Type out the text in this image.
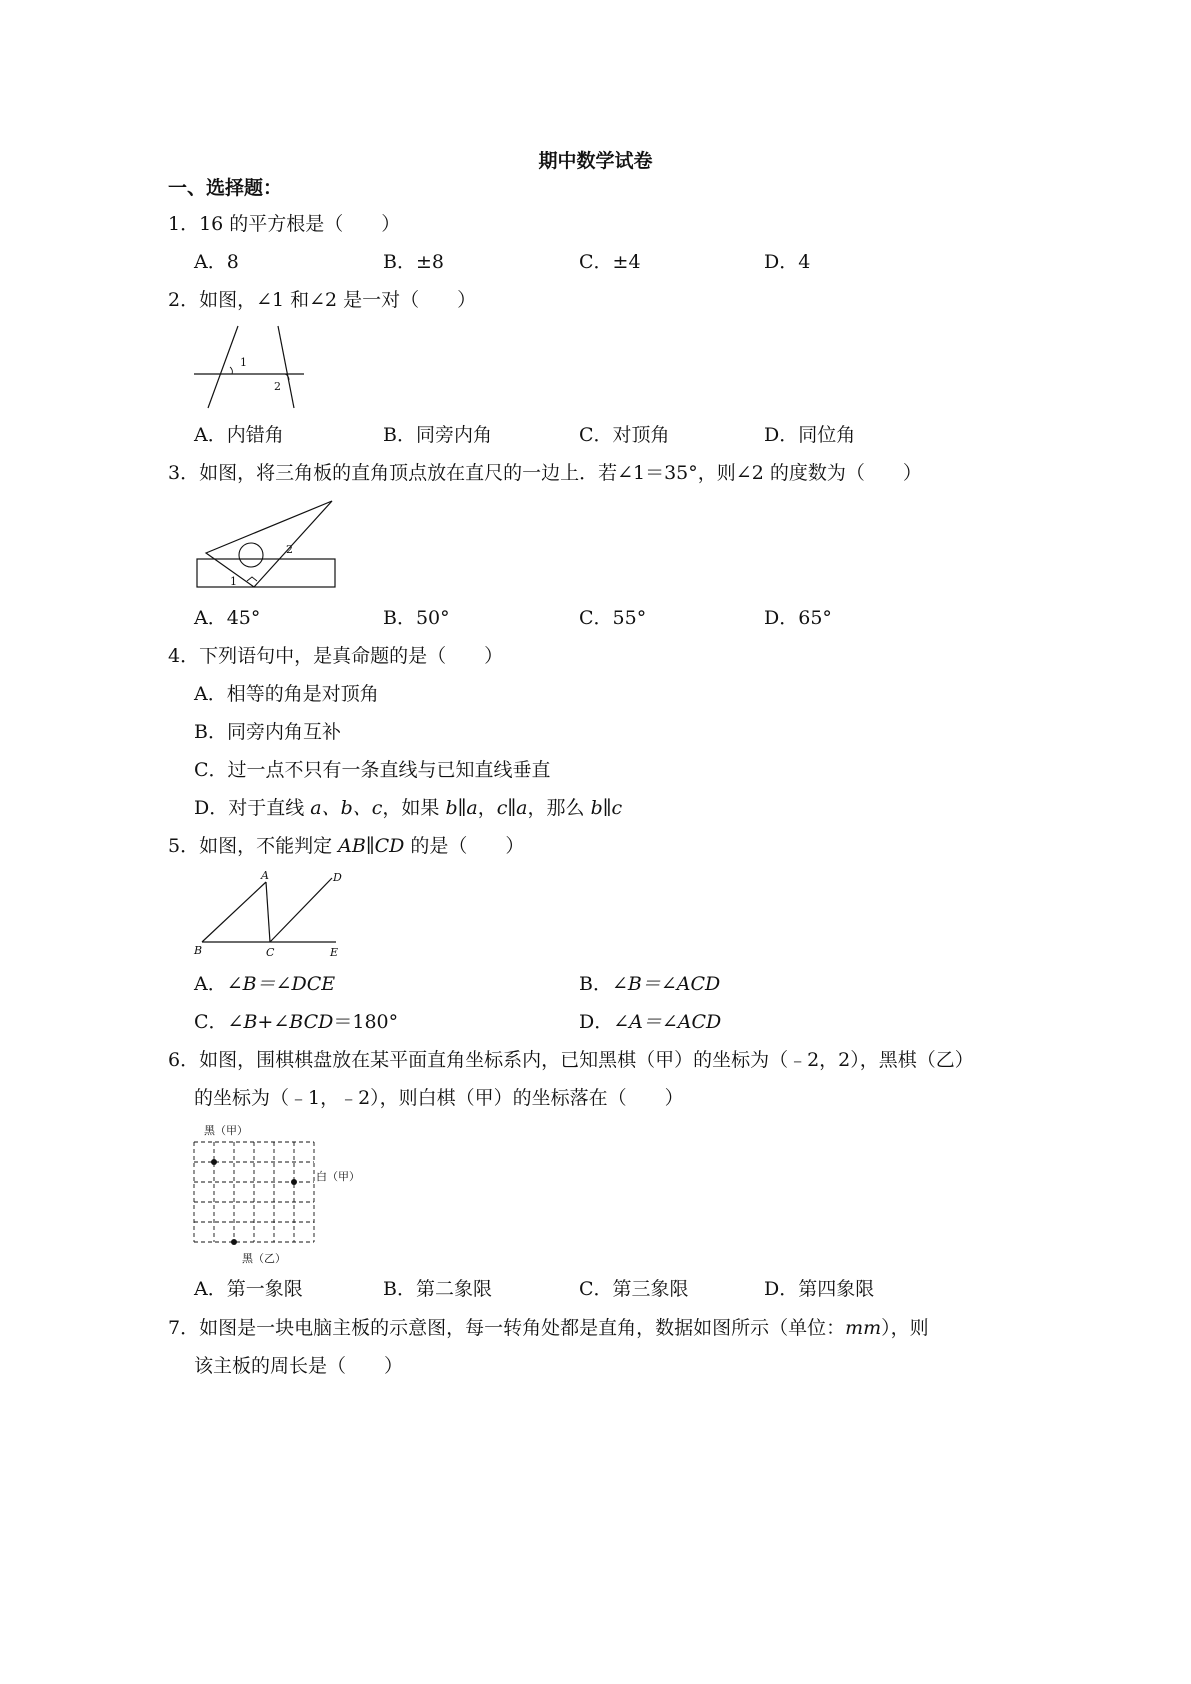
期中数学试卷
一、选择题：
1．16 的平方根是（　　）
A．8	B．±8	C．±4	D．4
2．如图，∠1 和∠2 是一对（　　）
1
2
A．内错角	B．同旁内角	C．对顶角	D．同位角
3．如图，将三角板的直角顶点放在直尺的一边上．若∠1＝35°，则∠2 的度数为（　　）
1
2
A．45°	B．50°	C．55°	D．65°
4．下列语句中，是真命题的是（　　）
A．相等的角是对顶角
B．同旁内角互补
C．过一点不只有一条直线与已知直线垂直
D．对于直线 a、b、c，如果 b∥a，c∥a，那么 b∥c
5．如图，不能判定 AB∥CD 的是（　　）
A
B	C
D
E
A．∠B＝∠DCE	B．∠B＝∠ACD
C．∠B+∠BCD＝180°	D．∠A＝∠ACD
6．如图，围棋棋盘放在某平面直角坐标系内，已知黑棋（甲）的坐标为（﹣2，2），黑棋（乙）
的坐标为（﹣1，﹣2），则白棋（甲）的坐标落在（　　）
黑（甲）
白（甲）
黑（乙）
A．第一象限	B．第二象限	C．第三象限	D．第四象限
7．如图是一块电脑主板的示意图，每一转角处都是直角，数据如图所示（单位：mm），则
该主板的周长是（　　）
